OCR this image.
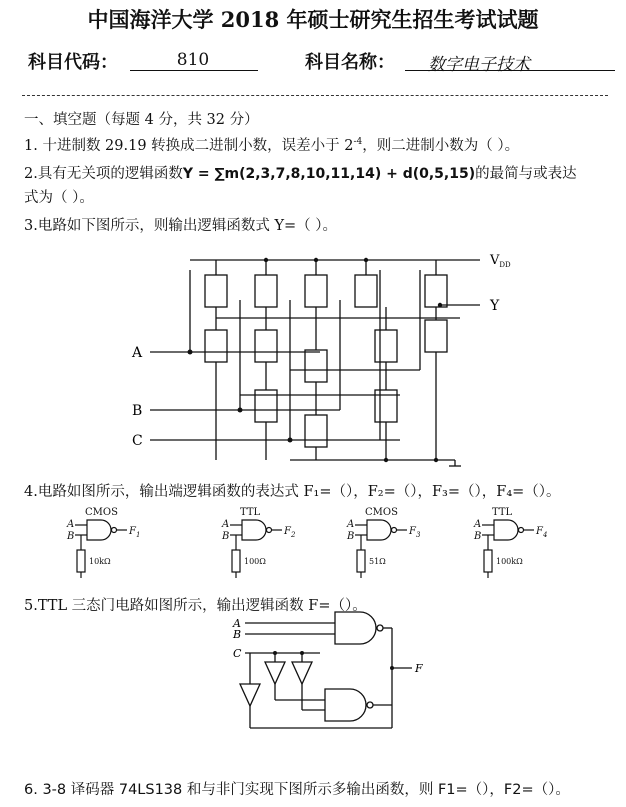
中国海洋大学 2018 年硕士研究生招生考试试题
科目代码：	810	科目名称： 数字电子技术
一、填空题（每题 4 分，共 32 分）
1. 十进制数 29.19 转换成二进制小数，误差小于 $2^{-4}$，则二进制小数为（ ）。
2.具有无关项的逻辑函数Y = ∑m(2,3,7,8,10,11,14) + d(0,5,15)的最简与或表达
式为（ ）。
3.电路如下图所示，则输出逻辑函数式 Y=（ ）。
A
B
C
$V_{DD}$
Y
4.电路如图所示，输出端逻辑函数的表达式 F₁=（），F₂=（），F₃=（），F₄=（）。
CMOS
A
B
10kΩ
$F_1$
TTL
A
B
100Ω
$F_2$
CMOS
A
B
51Ω
$F_3$
TTL
A
B
100kΩ
$F_4$
5.TTL 三态门电路如图所示，输出逻辑函数 F=（）。
A
B
C
F
6. 3-8 译码器 74LS138 和与非门实现下图所示多输出函数，则 F1=（），F2=（）。
